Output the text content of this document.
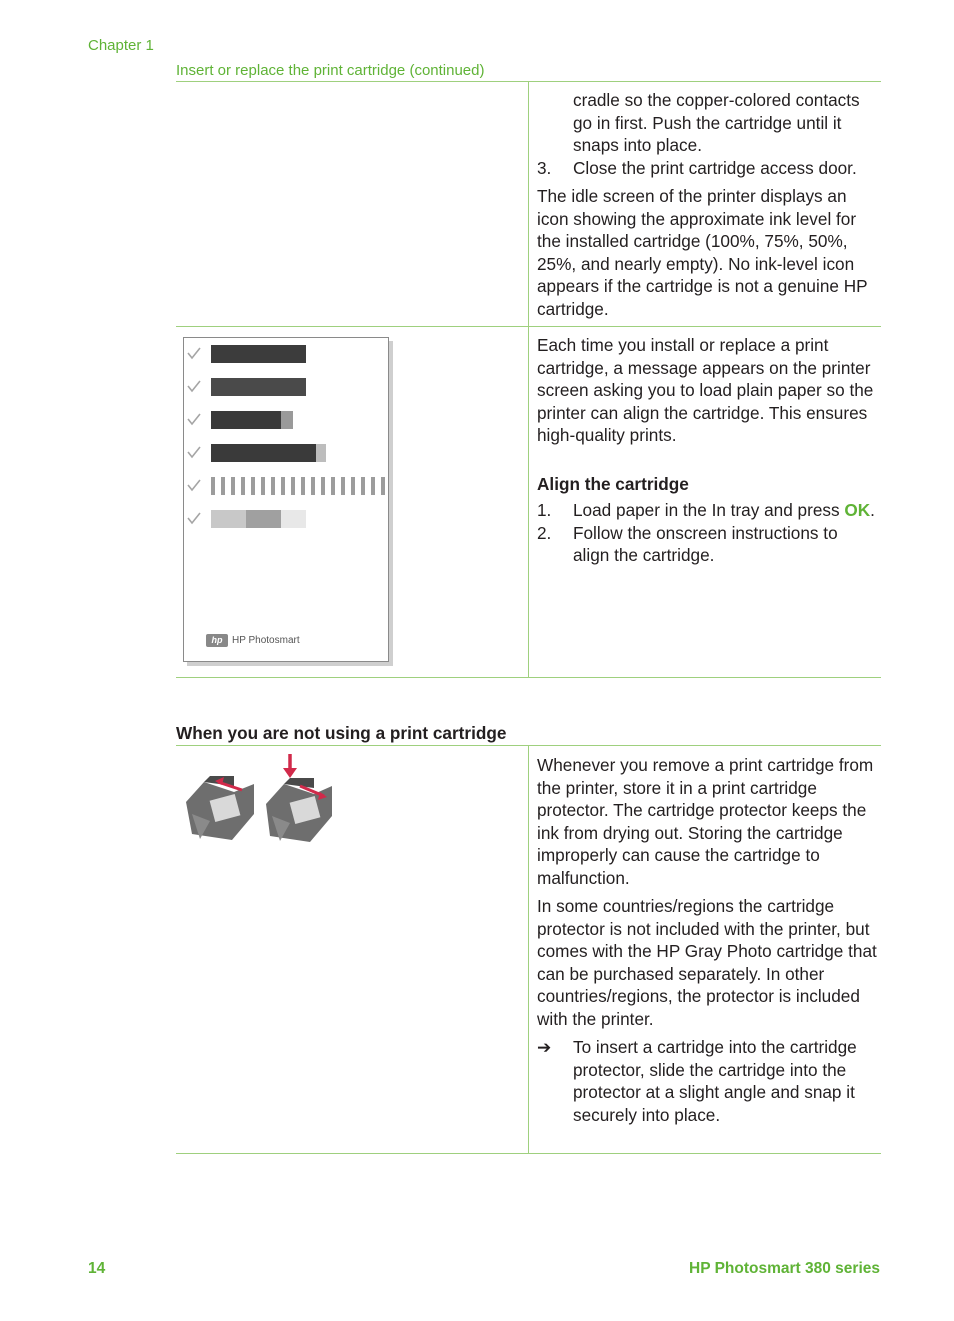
Chapter 1
Insert or replace the print cartridge (continued)

cradle so the copper-colored contacts go in first. Push the cartridge until it snaps into place.

3. Close the print cartridge access door.

The idle screen of the printer displays an icon showing the approximate ink level for the installed cartridge (100%, 75%, 50%, 25%, and nearly empty). No ink-level icon appears if the cartridge is not a genuine HP cartridge.

hp HP Photosmart

Each time you install or replace a print cartridge, a message appears on the printer screen asking you to load plain paper so the printer can align the cartridge. This ensures high-quality prints.

Align the cartridge

1. Load paper in the In tray and press OK.

2. Follow the onscreen instructions to align the cartridge.

When you are not using a print cartridge

Whenever you remove a print cartridge from the printer, store it in a print cartridge protector. The cartridge protector keeps the ink from drying out. Storing the cartridge improperly can cause the cartridge to malfunction.

In some countries/regions the cartridge protector is not included with the printer, but comes with the HP Gray Photo cartridge that can be purchased separately. In other countries/regions, the protector is included with the printer.

➔ To insert a cartridge into the cartridge protector, slide the cartridge into the protector at a slight angle and snap it securely into place.

14	HP Photosmart 380 series
